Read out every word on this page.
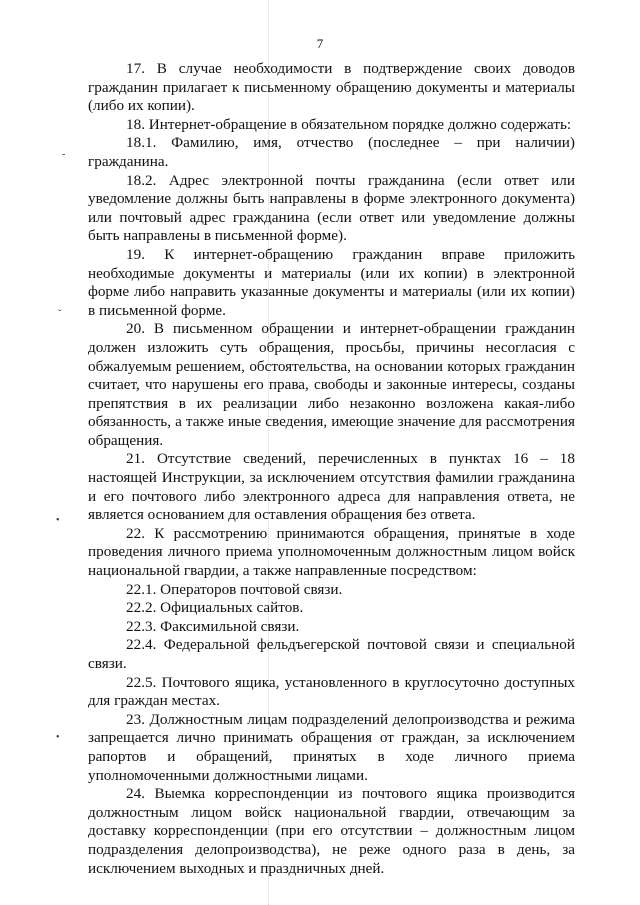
7
-
ˇ
•
•

17. В случае необходимости в подтверждение своих доводов гражданин прилагает к письменному обращению документы и материалы (либо их копии).

18. Интернет-обращение в обязательном порядке должно содержать:

18.1. Фамилию, имя, отчество (последнее – при наличии) гражданина.

18.2. Адрес электронной почты гражданина (если ответ или уведомление должны быть направлены в форме электронного документа) или почтовый адрес гражданина (если ответ или уведомление должны быть направлены в письменной форме).

19. К интернет-обращению гражданин вправе приложить необходимые документы и материалы (или их копии) в электронной форме либо направить указанные документы и материалы (или их копии) в письменной форме.

20. В письменном обращении и интернет-обращении гражданин должен изложить суть обращения, просьбы, причины несогласия с обжалуемым решением, обстоятельства, на основании которых гражданин считает, что нарушены его права, свободы и законные интересы, созданы препятствия в их реализации либо незаконно возложена какая-либо обязанность, а также иные сведения, имеющие значение для рассмотрения обращения.

21. Отсутствие сведений, перечисленных в пунктах 16 – 18 настоящей Инструкции, за исключением отсутствия фамилии гражданина и его почтового либо электронного адреса для направления ответа, не является основанием для оставления обращения без ответа.

22. К рассмотрению принимаются обращения, принятые в ходе проведения личного приема уполномоченным должностным лицом войск национальной гвардии, а также направленные посредством:

22.1. Операторов почтовой связи.

22.2. Официальных сайтов.

22.3. Факсимильной связи.

22.4. Федеральной фельдъегерской почтовой связи и специальной связи.

22.5. Почтового ящика, установленного в круглосуточно доступных для граждан местах.

23. Должностным лицам подразделений делопроизводства и режима запрещается лично принимать обращения от граждан, за исключением рапортов и обращений, принятых в ходе личного приема уполномоченными должностными лицами.

24. Выемка корреспонденции из почтового ящика производится должностным лицом войск национальной гвардии, отвечающим за доставку корреспонденции (при его отсутствии – должностным лицом подразделения делопроизводства), не реже одного раза в день, за исключением выходных и праздничных дней.
